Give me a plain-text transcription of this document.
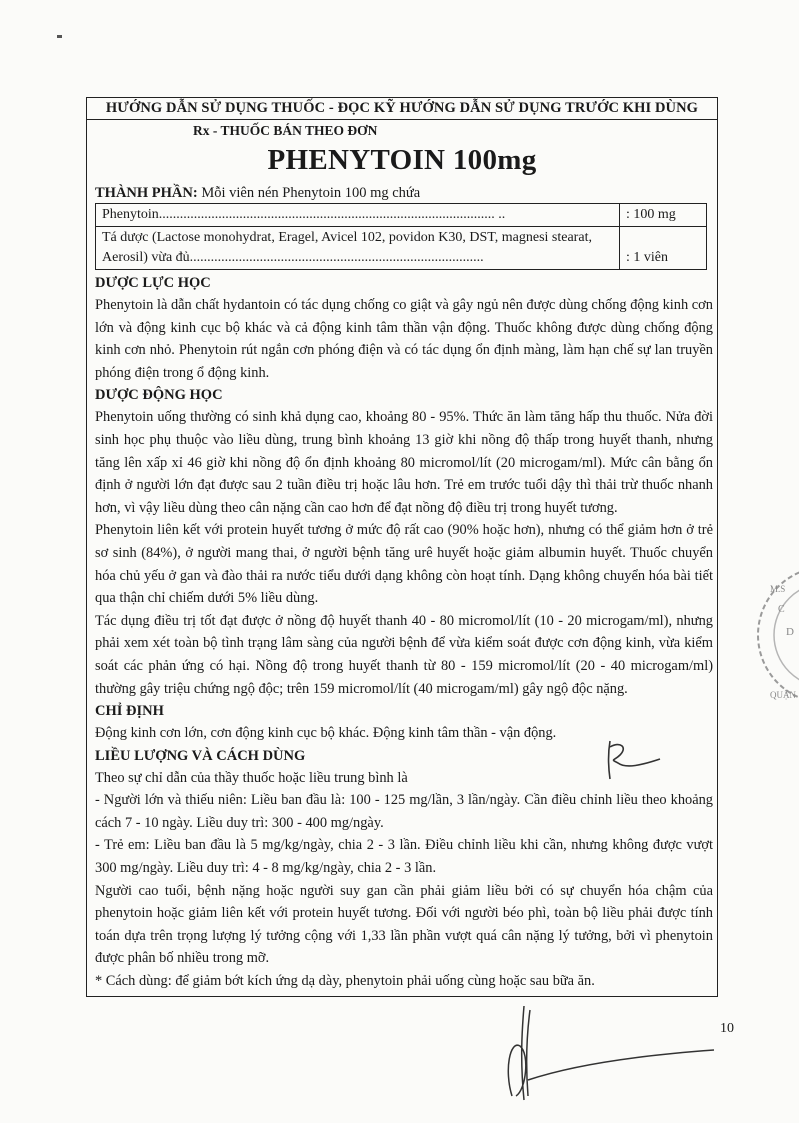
HƯỚNG DẪN SỬ DỤNG THUỐC - ĐỌC KỸ HƯỚNG DẪN SỬ DỤNG TRƯỚC KHI DÙNG
Rx - THUỐC BÁN THEO ĐƠN
PHENYTOIN 100mg
THÀNH PHẦN: Mỗi viên nén Phenytoin 100 mg chứa
Phenytoin................................................................................................ ..	: 100 mg
Tá dược (Lactose monohydrat, Eragel, Avicel 102, povidon K30, DST, magnesi stearat, Aerosil) vừa đủ....................................................................................	: 1 viên
DƯỢC LỰC HỌC

Phenytoin là dẫn chất hydantoin có tác dụng chống co giật và gây ngủ nên được dùng chống động kinh cơn lớn và động kinh cục bộ khác và cả động kinh tâm thần vận động. Thuốc không được dùng chống động kinh cơn nhỏ. Phenytoin rút ngắn cơn phóng điện và có tác dụng ổn định màng, làm hạn chế sự lan truyền phóng điện trong ổ động kinh.

DƯỢC ĐỘNG HỌC

Phenytoin uống thường có sinh khả dụng cao, khoảng 80 - 95%. Thức ăn làm tăng hấp thu thuốc. Nửa đời sinh học phụ thuộc vào liều dùng, trung bình khoảng 13 giờ khi nồng độ thấp trong huyết thanh, nhưng tăng lên xấp xỉ 46 giờ khi nồng độ ổn định khoảng 80 micromol/lít (20 microgam/ml). Mức cân bằng ổn định ở người lớn đạt được sau 2 tuần điều trị hoặc lâu hơn. Trẻ em trước tuổi dậy thì thải trừ thuốc nhanh hơn, vì vậy liều dùng theo cân nặng cần cao hơn để đạt nồng độ điều trị trong huyết tương.

Phenytoin liên kết với protein huyết tương ở mức độ rất cao (90% hoặc hơn), nhưng có thể giảm hơn ở trẻ sơ sinh (84%), ở người mang thai, ở người bệnh tăng urê huyết hoặc giảm albumin huyết. Thuốc chuyển hóa chủ yếu ở gan và đào thải ra nước tiểu dưới dạng không còn hoạt tính. Dạng không chuyển hóa bài tiết qua thận chỉ chiếm dưới 5% liều dùng.

Tác dụng điều trị tốt đạt được ở nồng độ huyết thanh 40 - 80 micromol/lít (10 - 20 microgam/ml), nhưng phải xem xét toàn bộ tình trạng lâm sàng của người bệnh để vừa kiểm soát được cơn động kinh, vừa kiểm soát các phản ứng có hại. Nồng độ trong huyết thanh từ 80 - 159 micromol/lít (20 - 40 microgam/ml) thường gây triệu chứng ngộ độc; trên 159 micromol/lít (40 microgam/ml) gây ngộ độc nặng.

CHỈ ĐỊNH

Động kinh cơn lớn, cơn động kinh cục bộ khác. Động kinh tâm thần - vận động.

LIỀU LƯỢNG VÀ CÁCH DÙNG

Theo sự chỉ dẫn của thầy thuốc hoặc liều trung bình là

- Người lớn và thiếu niên: Liều ban đầu là: 100 - 125 mg/lần, 3 lần/ngày. Cần điều chỉnh liều theo khoảng cách 7 - 10 ngày. Liều duy trì: 300 - 400 mg/ngày.

- Trẻ em: Liều ban đầu là 5 mg/kg/ngày, chia 2 - 3 lần. Điều chỉnh liều khi cần, nhưng không được vượt 300 mg/ngày. Liều duy trì: 4 - 8 mg/kg/ngày, chia 2 - 3 lần.

Người cao tuổi, bệnh nặng hoặc người suy gan cần phải giảm liều bởi có sự chuyển hóa chậm của phenytoin hoặc giảm liên kết với protein huyết tương. Đối với người béo phì, toàn bộ liều phải được tính toán dựa trên trọng lượng lý tưởng cộng với 1,33 lần phần vượt quá cân nặng lý tưởng, bởi vì phenytoin được phân bố nhiều trong mỡ.

* Cách dùng: để giảm bớt kích ứng dạ dày, phenytoin phải uống cùng hoặc sau bữa ăn.

M.S
C
D
QUẬN
10
